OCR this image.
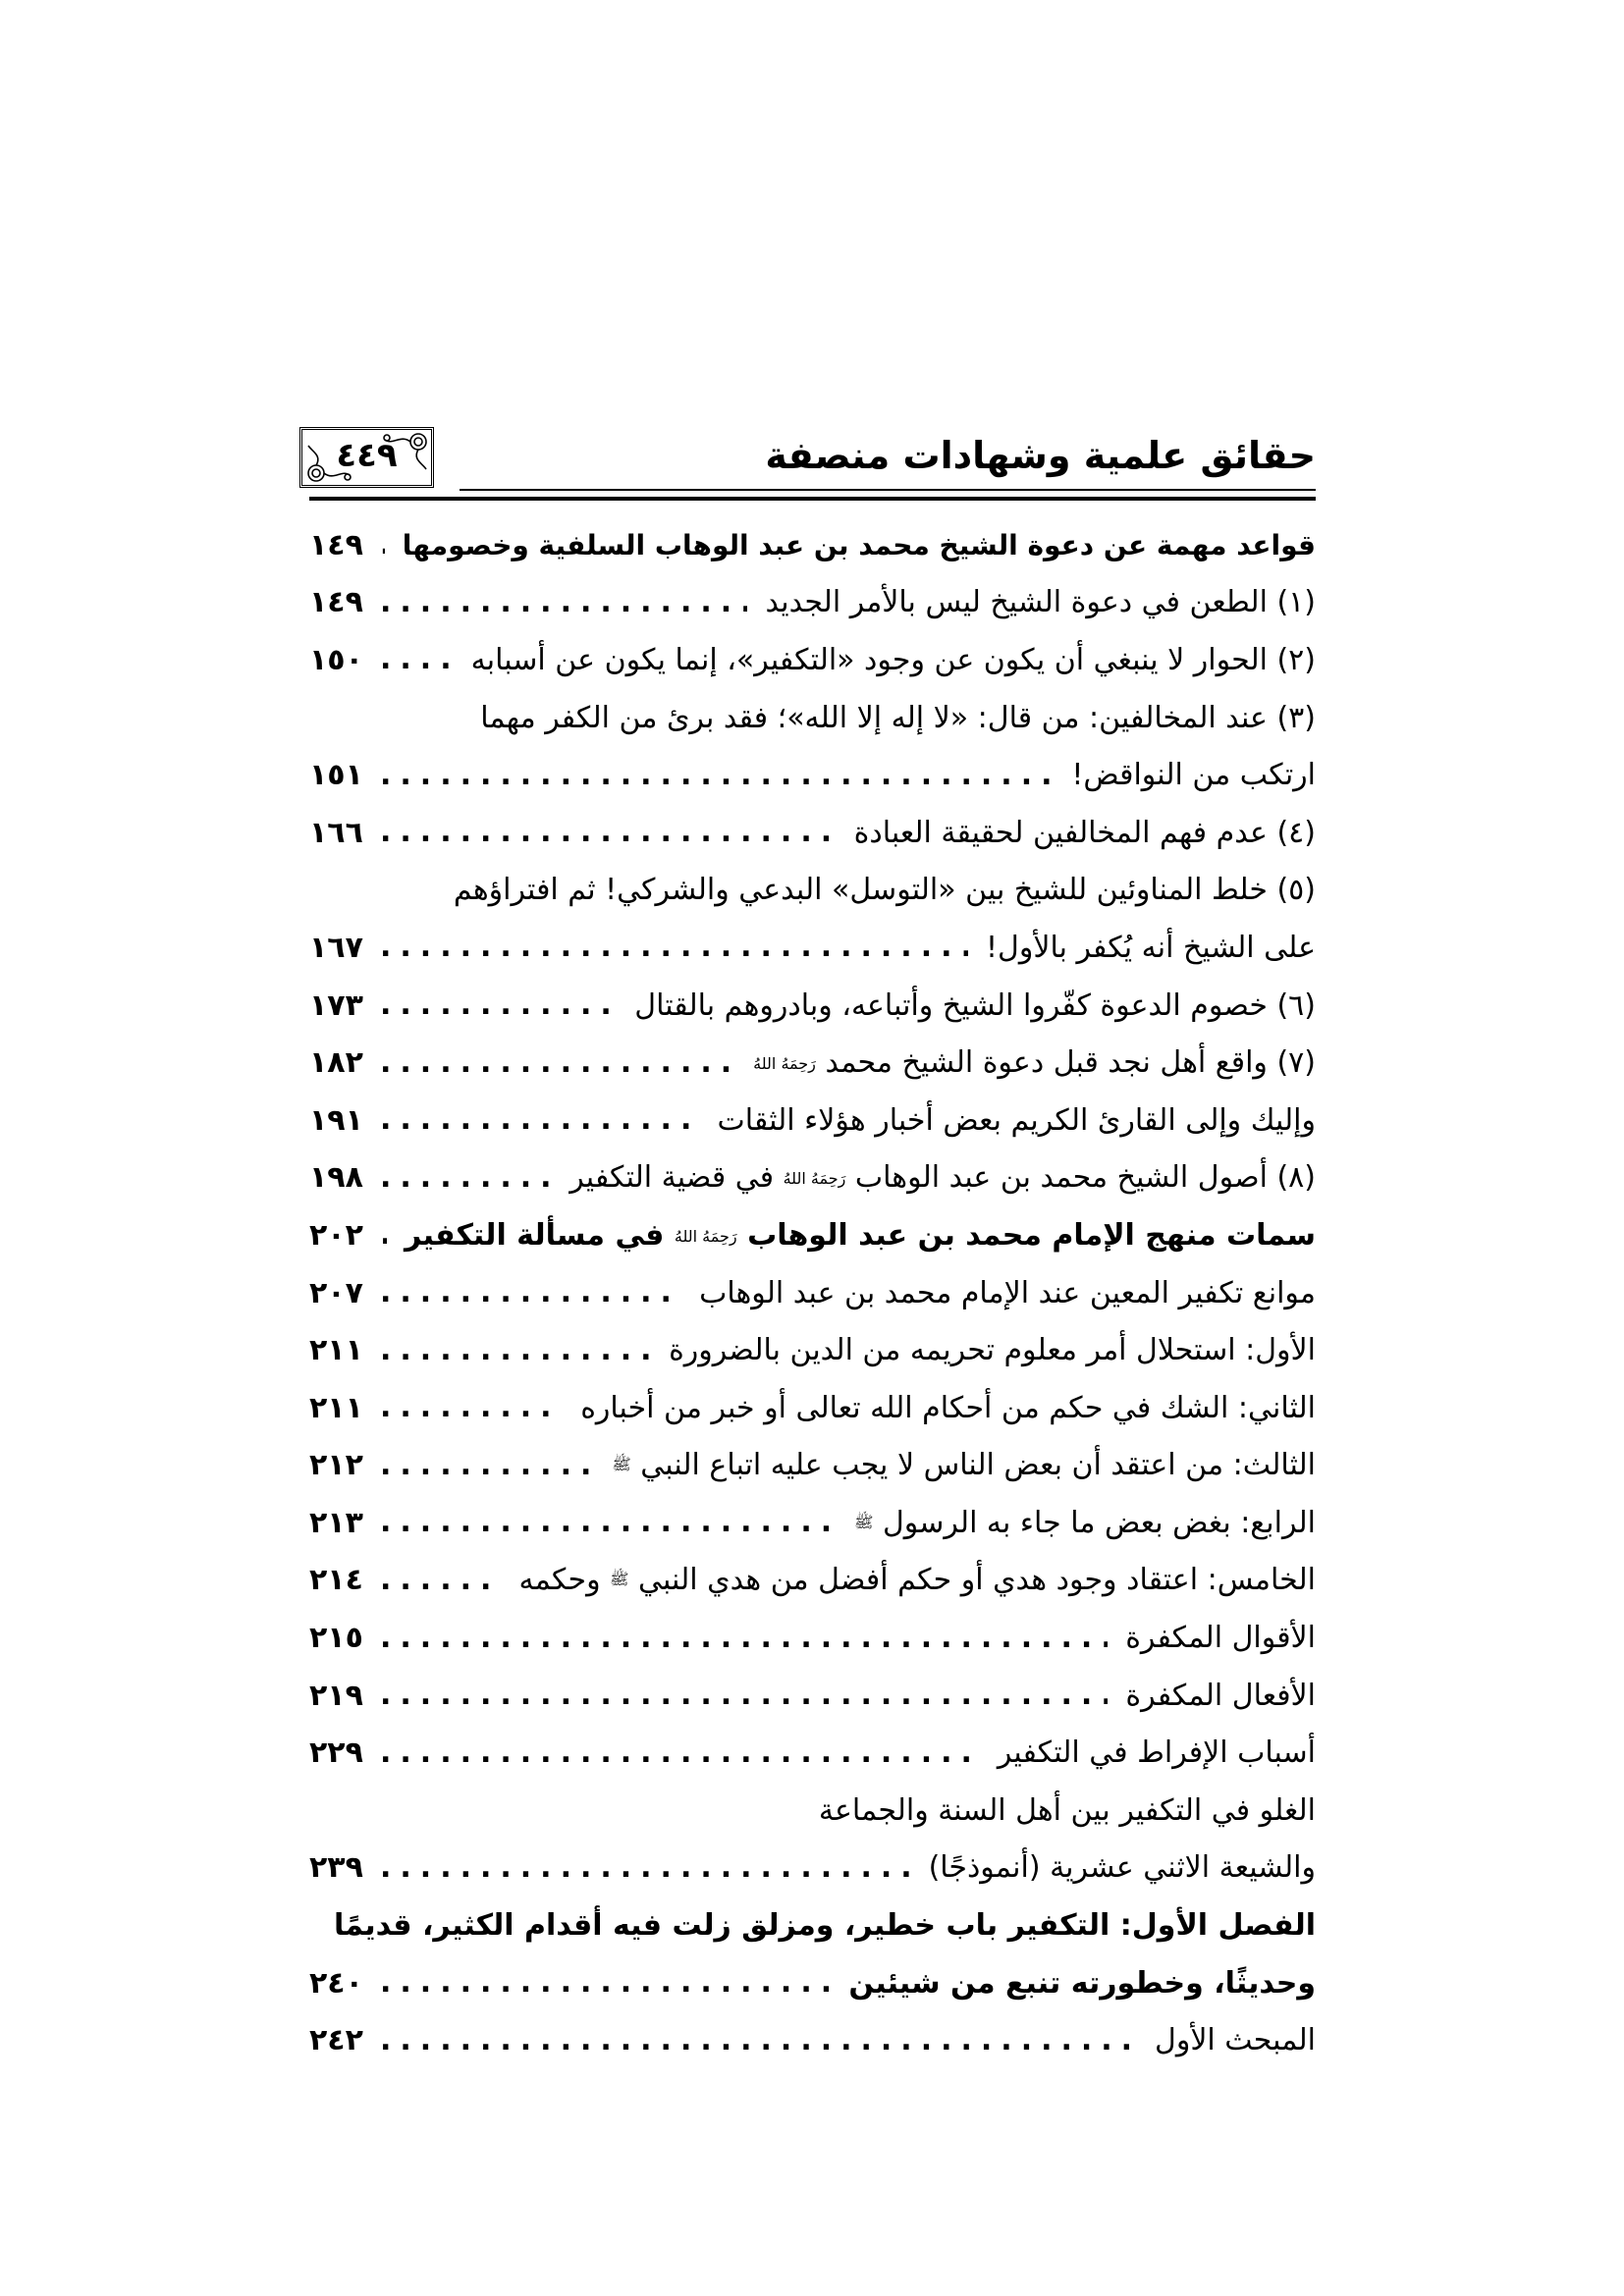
حقائق علمية وشهادات منصفة
٤٤٩
قواعد مهمة عن دعوة الشيخ محمد بن عبد الوهاب السلفية وخصومها
.....
١٤٩
(١) الطعن في دعوة الشيخ ليس بالأمر الجديد
.....
١٤٩
(٢) الحوار لا ينبغي أن يكون عن وجود «التكفير»، إنما يكون عن أسبابه
.....
١٥٠
(٣) عند المخالفين: من قال: «لا إله إلا الله»؛ فقد برئ من الكفر مهما
ارتكب من النواقض!
.....
١٥١
(٤) عدم فهم المخالفين لحقيقة العبادة
.....
١٦٦
(٥) خلط المناوئين للشيخ بين «التوسل» البدعي والشركي! ثم افتراؤهم
على الشيخ أنه يُكفر بالأول!
.....
١٦٧
(٦) خصوم الدعوة كفّروا الشيخ وأتباعه، وبادروهم بالقتال
.....
١٧٣
(٧) واقع أهل نجد قبل دعوة الشيخ محمد رَحِمَهُ اللهُ
.....
١٨٢
وإليك وإلى القارئ الكريم بعض أخبار هؤلاء الثقات
.....
١٩١
(٨) أصول الشيخ محمد بن عبد الوهاب رَحِمَهُ اللهُ في قضية التكفير
.....
١٩٨
سمات منهج الإمام محمد بن عبد الوهاب رَحِمَهُ اللهُ في مسألة التكفير
.....
٢٠٢
موانع تكفير المعين عند الإمام محمد بن عبد الوهاب
.....
٢٠٧
الأول: استحلال أمر معلوم تحريمه من الدين بالضرورة
.....
٢١١
الثاني: الشك في حكم من أحكام الله تعالى أو خبر من أخباره
.....
٢١١
الثالث: من اعتقد أن بعض الناس لا يجب عليه اتباع النبي ﷺ
.....
٢١٢
الرابع: بغض بعض ما جاء به الرسول ﷺ
.....
٢١٣
الخامس: اعتقاد وجود هدي أو حكم أفضل من هدي النبي ﷺ وحكمه
.....
٢١٤
الأقوال المكفرة
.....
٢١٥
الأفعال المكفرة
.....
٢١٩
أسباب الإفراط في التكفير
.....
٢٢٩
الغلو في التكفير بين أهل السنة والجماعة
والشيعة الاثني عشرية (أنموذجًا)
.....
٢٣٩
الفصل الأول: التكفير باب خطير، ومزلق زلت فيه أقدام الكثير، قديمًا
وحديثًا، وخطورته تنبع من شيئين
.....
٢٤٠
المبحث الأول
.....
٢٤٢
